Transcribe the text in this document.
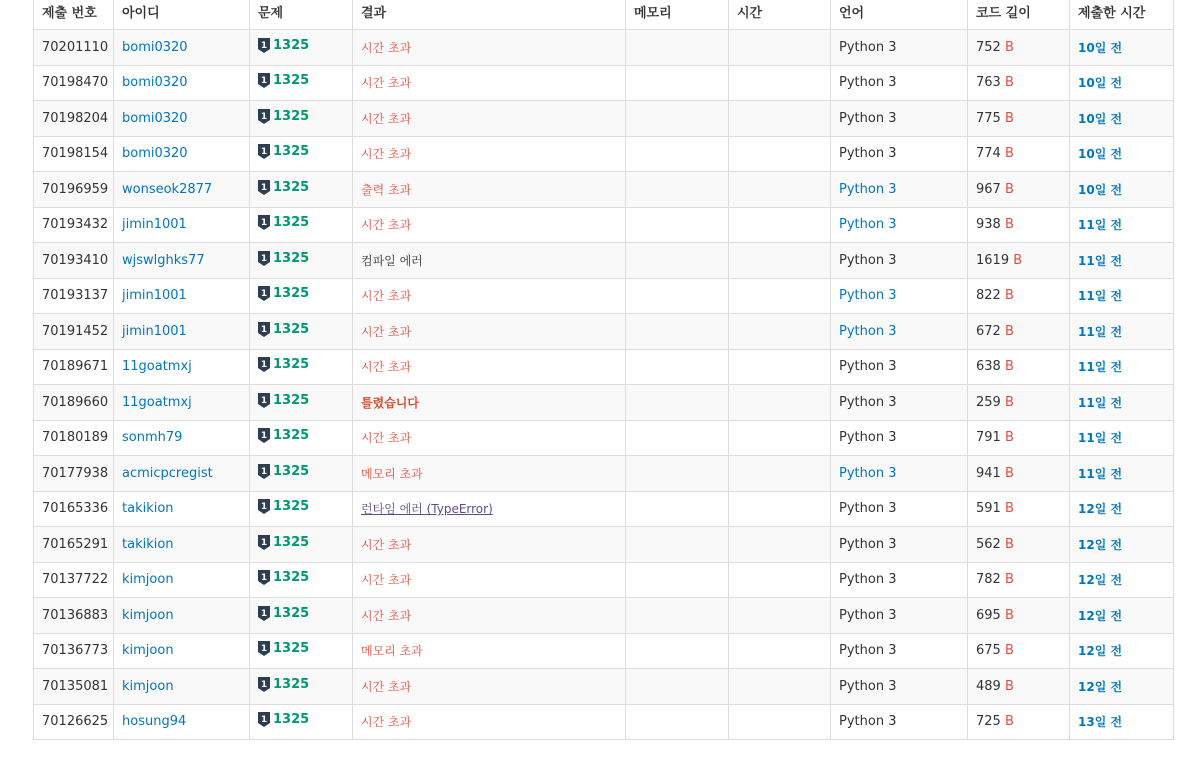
제출 번호	아이디	문제	결과	메모리	시간	언어	코드 길이	제출한 시간
70201110	bomi0320	1 1325	시간 초과			Python 3	752 B	10일 전
70198470	bomi0320	1 1325	시간 초과			Python 3	763 B	10일 전
70198204	bomi0320	1 1325	시간 초과			Python 3	775 B	10일 전
70198154	bomi0320	1 1325	시간 초과			Python 3	774 B	10일 전
70196959	wonseok2877	1 1325	출력 초과			Python 3	967 B	10일 전
70193432	jimin1001	1 1325	시간 초과			Python 3	938 B	11일 전
70193410	wjswlghks77	1 1325	컴파일 에러			Python 3	1619 B	11일 전
70193137	jimin1001	1 1325	시간 초과			Python 3	822 B	11일 전
70191452	jimin1001	1 1325	시간 초과			Python 3	672 B	11일 전
70189671	11goatmxj	1 1325	시간 초과			Python 3	638 B	11일 전
70189660	11goatmxj	1 1325	틀렸습니다			Python 3	259 B	11일 전
70180189	sonmh79	1 1325	시간 초과			Python 3	791 B	11일 전
70177938	acmicpcregist	1 1325	메모리 초과			Python 3	941 B	11일 전
70165336	takikion	1 1325	런타임 에러 (TypeError)			Python 3	591 B	12일 전
70165291	takikion	1 1325	시간 초과			Python 3	562 B	12일 전
70137722	kimjoon	1 1325	시간 초과			Python 3	782 B	12일 전
70136883	kimjoon	1 1325	시간 초과			Python 3	695 B	12일 전
70136773	kimjoon	1 1325	메모리 초과			Python 3	675 B	12일 전
70135081	kimjoon	1 1325	시간 초과			Python 3	489 B	12일 전
70126625	hosung94	1 1325	시간 초과			Python 3	725 B	13일 전
